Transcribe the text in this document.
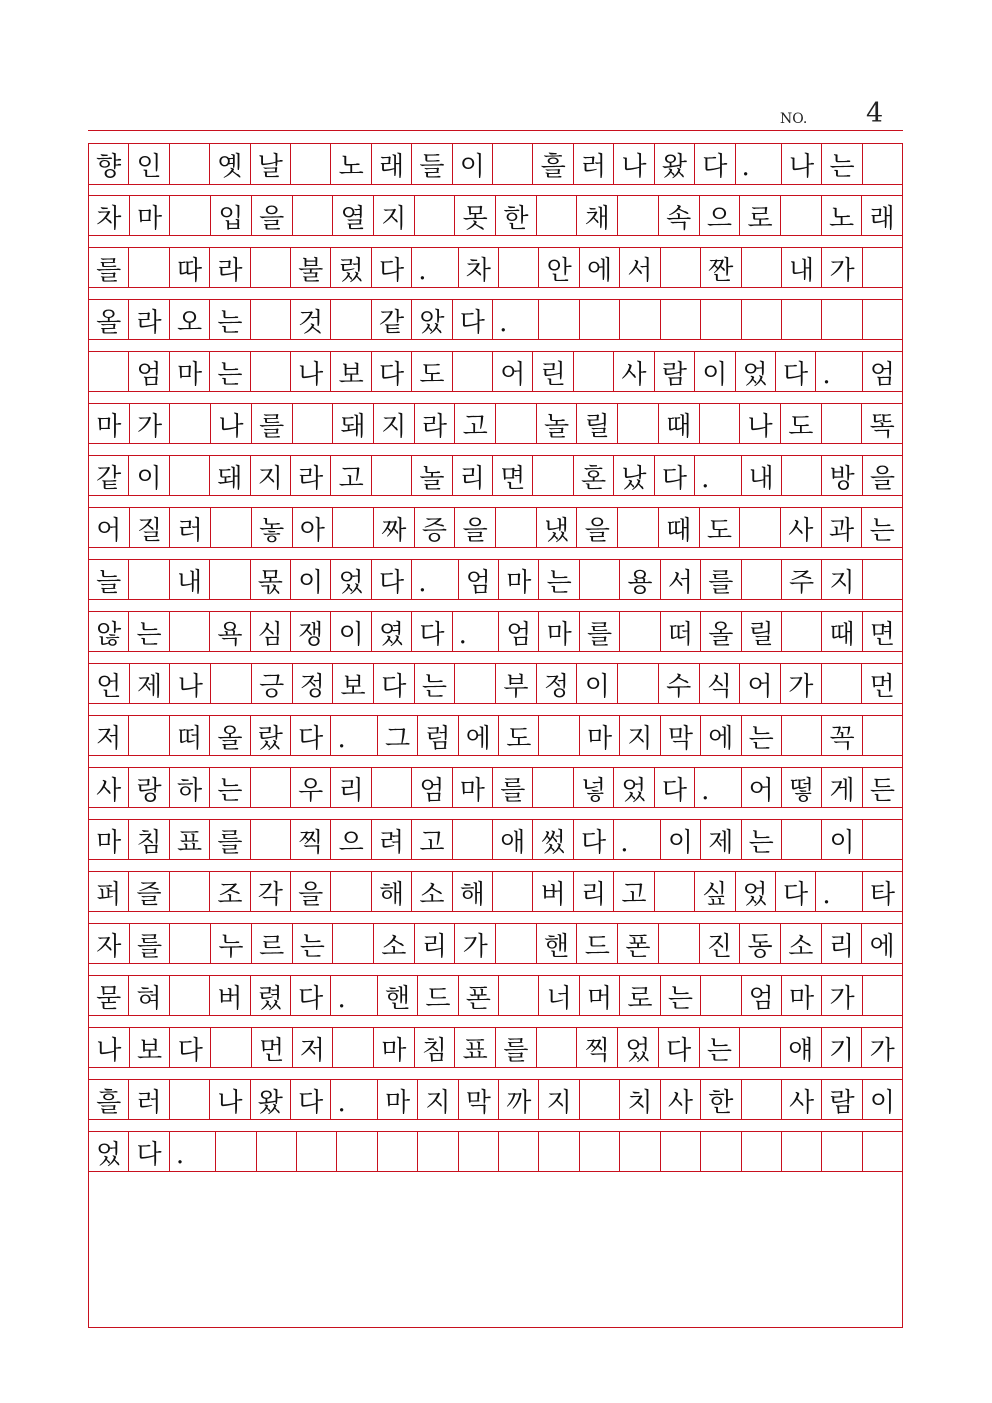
NO. 4
향 인	옛 날	노 래 들 이	흘 러 나 왔 다 .	나 는
차 마	입 을	열 지	못 한	채	속 으 로	노 래
를	따 라	불 렀 다 .	차	안 에 서	짠	내 가
올 라 오 는	것	같 았 다 .
엄 마 는	나 보 다 도	어 린	사 람 이 었 다 .	엄
마 가	나 를	돼 지 라 고	놀 릴	때	나 도	똑
같 이	돼 지 라 고	놀 리 면	혼 났 다 .	내	방 을
어 질 러	놓 아	짜 증 을	냈 을	때 도	사 과 는
늘	내	몫 이 었 다 .	엄 마 는	용 서 를	주 지
않 는	욕 심 쟁 이 였 다 .	엄 마 를	떠 올 릴	때 면
언 제 나	긍 정 보 다 는	부 정 이	수 식 어 가	먼
저	떠 올 랐 다 .	그 럼 에 도	마 지 막 에 는	꼭
사 랑 하 는	우 리	엄 마 를	넣 었 다 .	어 떻 게 든
마 침 표 를	찍 으 려 고	애 썼 다 .	이 제 는	이
퍼 즐	조 각 을	해 소 해	버 리 고	싶 었 다 .	타
자 를	누 르 는	소 리 가	핸 드 폰	진 동 소 리 에
묻 혀	버 렸 다 .	핸 드 폰	너 머 로 는	엄 마 가
나 보 다	먼 저	마 침 표 를	찍 었 다 는	얘 기 가
흘 러	나 왔 다 .	마 지 막 까 지	치 사 한	사 람 이
었 다 .
